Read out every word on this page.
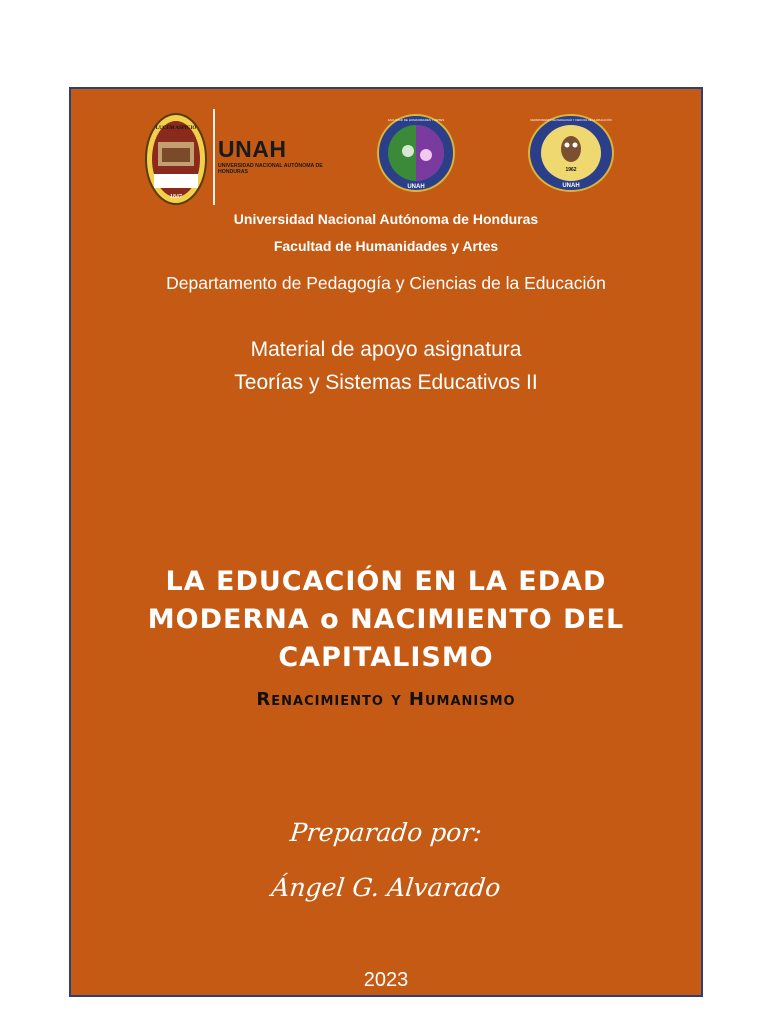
LUCEM ASPICIO
1847
UNAH
UNIVERSIDAD NACIONAL AUTÓNOMA DE HONDURAS
FACULTAD DE HUMANIDADES Y ARTES
UNAH
1962
DEPARTAMENTO DE PEDAGOGÍA Y CIENCIAS DE LA EDUCACIÓN
UNAH
Universidad Nacional Autónoma de Honduras
Facultad de Humanidades y Artes
Departamento de Pedagogía y Ciencias de la Educación
Material de apoyo asignatura
Teorías y Sistemas Educativos II
LA EDUCACIÓN EN LA EDAD
MODERNA o NACIMIENTO DEL
CAPITALISMO
Renacimiento y Humanismo
Preparado por:
Ángel G. Alvarado
2023
